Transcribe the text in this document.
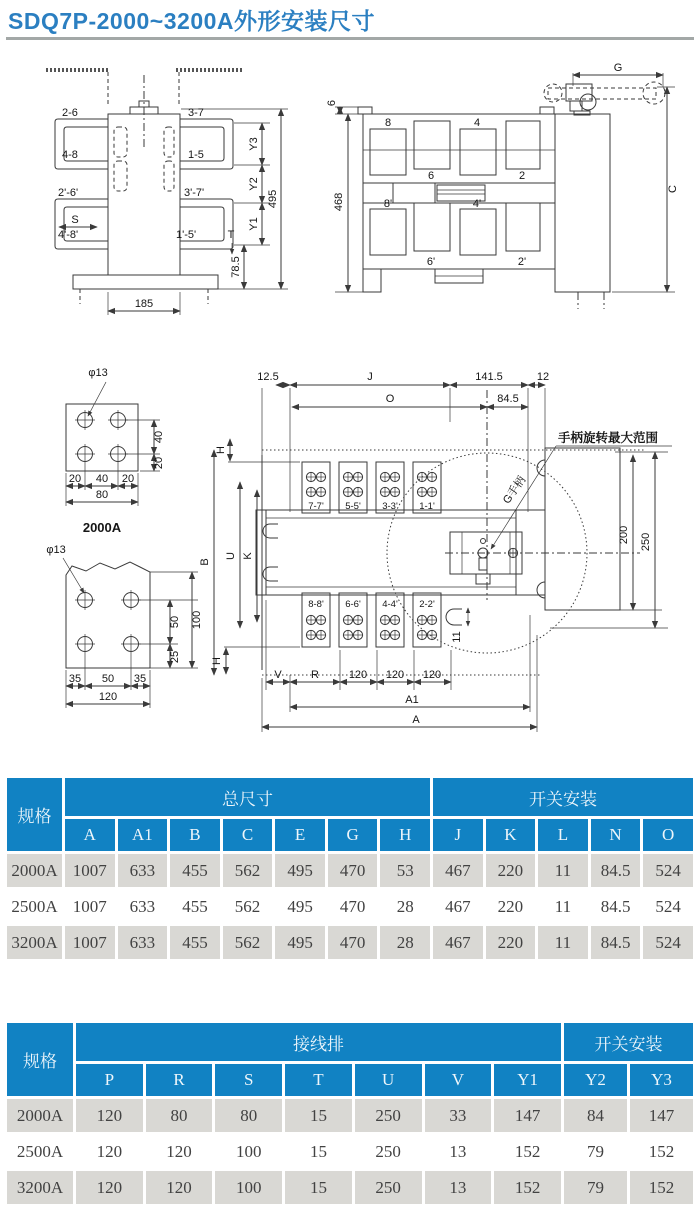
SDQ7P-2000~3200A外形安装尺寸
2-6
4-8
2'-6'
4'-8'
3-7
1-5
3'-7'
1'-5'
S
T
Y3
Y2
Y1
78.5
495
185
8
6
4
2
8'
6'
4'
2'
G
C
468
6
φ13
40
20
20 40 20
80
2000A
φ13
50
25
100
35 50 35
120
12.5	J	141.5	12
O	84.5
H
B
U K
H
V	R	120 120 120
A1
A
200 250
11
7-7' 5-5' 3-3' 1-1'
8-8' 6-6' 4-4' 2-2'
手柄旋转最大范围
G手柄
规格	总尺寸							开关安装				
	A	A1	B	C	E	G	H	J	K	L	N	O
2000A	1007	633	455	562	495	470	53	467	220	11	84.5	524
2500A	1007	633	455	562	495	470	28	467	220	11	84.5	524
3200A	1007	633	455	562	495	470	28	467	220	11	84.5	524
规格	接线排							开关安装	
	P	R	S	T	U	V	Y1	Y2	Y3
2000A	120	80	80	15	250	33	147	84	147
2500A	120	120	100	15	250	13	152	79	152
3200A	120	120	100	15	250	13	152	79	152
